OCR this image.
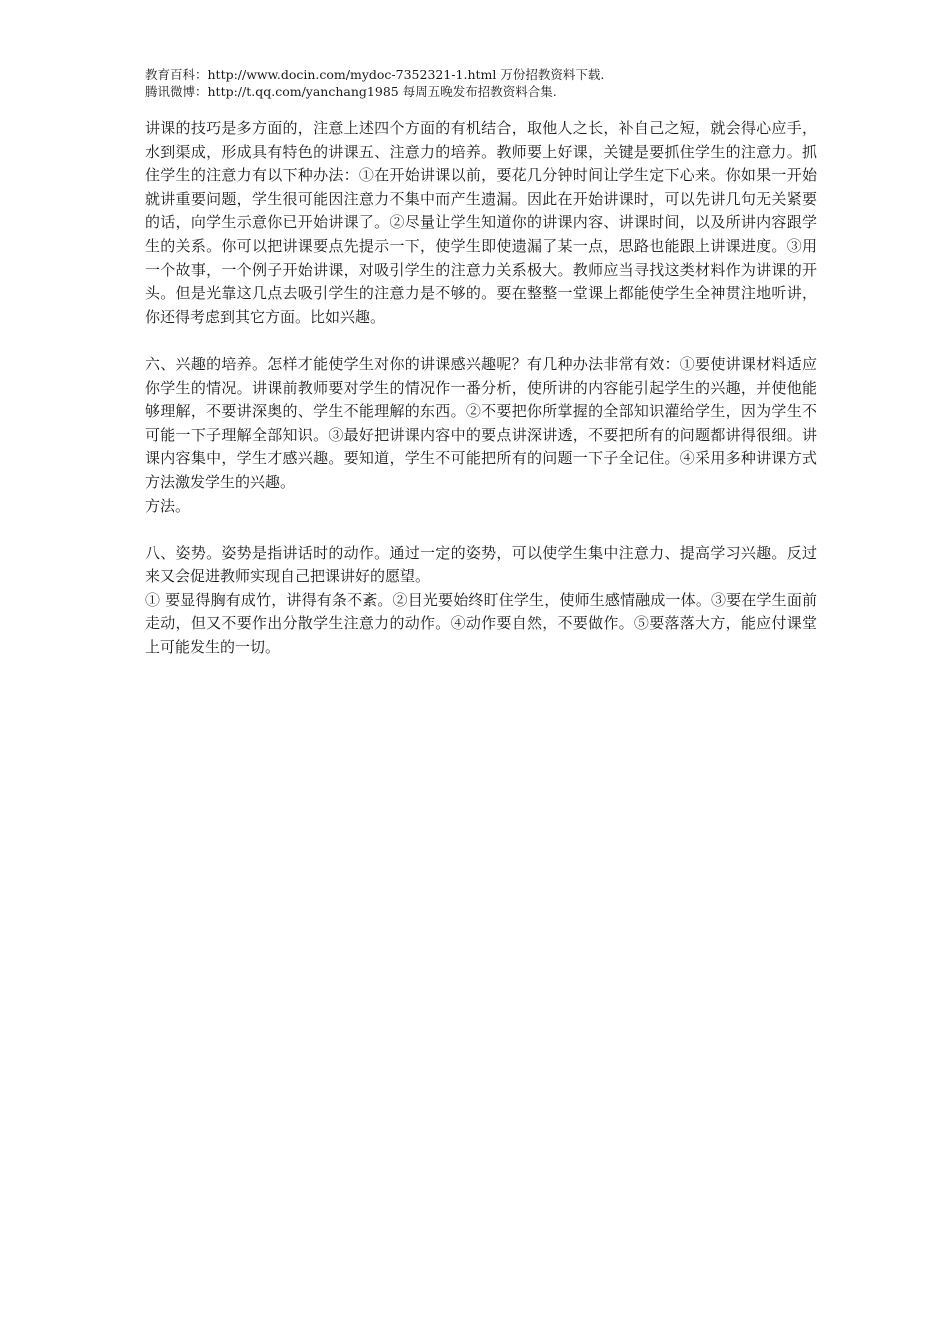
教育百科：http://www.docin.com/mydoc-7352321-1.html 万份招教资料下载.
腾讯微博：http://t.qq.com/yanchang1985 每周五晚发布招教资料合集.

讲课的技巧是多方面的，注意上述四个方面的有机结合，取他人之长，补自己之短，就会得心应手，水到渠成，形成具有特色的讲课五、注意力的培养。教师要上好课，关键是要抓住学生的注意力。抓住学生的注意力有以下种办法：①在开始讲课以前，要花几分钟时间让学生定下心来。你如果一开始就讲重要问题，学生很可能因注意力不集中而产生遗漏。因此在开始讲课时，可以先讲几句无关紧要的话，向学生示意你已开始讲课了。②尽量让学生知道你的讲课内容、讲课时间，以及所讲内容跟学生的关系。你可以把讲课要点先提示一下，使学生即使遗漏了某一点，思路也能跟上讲课进度。③用一个故事，一个例子开始讲课，对吸引学生的注意力关系极大。教师应当寻找这类材料作为讲课的开头。但是光靠这几点去吸引学生的注意力是不够的。要在整整一堂课上都能使学生全神贯注地听讲，你还得考虑到其它方面。比如兴趣。

六、兴趣的培养。怎样才能使学生对你的讲课感兴趣呢？有几种办法非常有效：①要使讲课材料适应你学生的情况。讲课前教师要对学生的情况作一番分析，使所讲的内容能引起学生的兴趣，并使他能够理解，不要讲深奥的、学生不能理解的东西。②不要把你所掌握的全部知识灌给学生，因为学生不可能一下子理解全部知识。③最好把讲课内容中的要点讲深讲透，不要把所有的问题都讲得很细。讲课内容集中，学生才感兴趣。要知道，学生不可能把所有的问题一下子全记住。④采用多种讲课方式方法激发学生的兴趣。

方法。

八、姿势。姿势是指讲话时的动作。通过一定的姿势，可以使学生集中注意力、提高学习兴趣。反过来又会促进教师实现自己把课讲好的愿望。

① 要显得胸有成竹，讲得有条不紊。②目光要始终盯住学生，使师生感情融成一体。③要在学生面前走动，但又不要作出分散学生注意力的动作。④动作要自然，不要做作。⑤要落落大方，能应付课堂上可能发生的一切。
